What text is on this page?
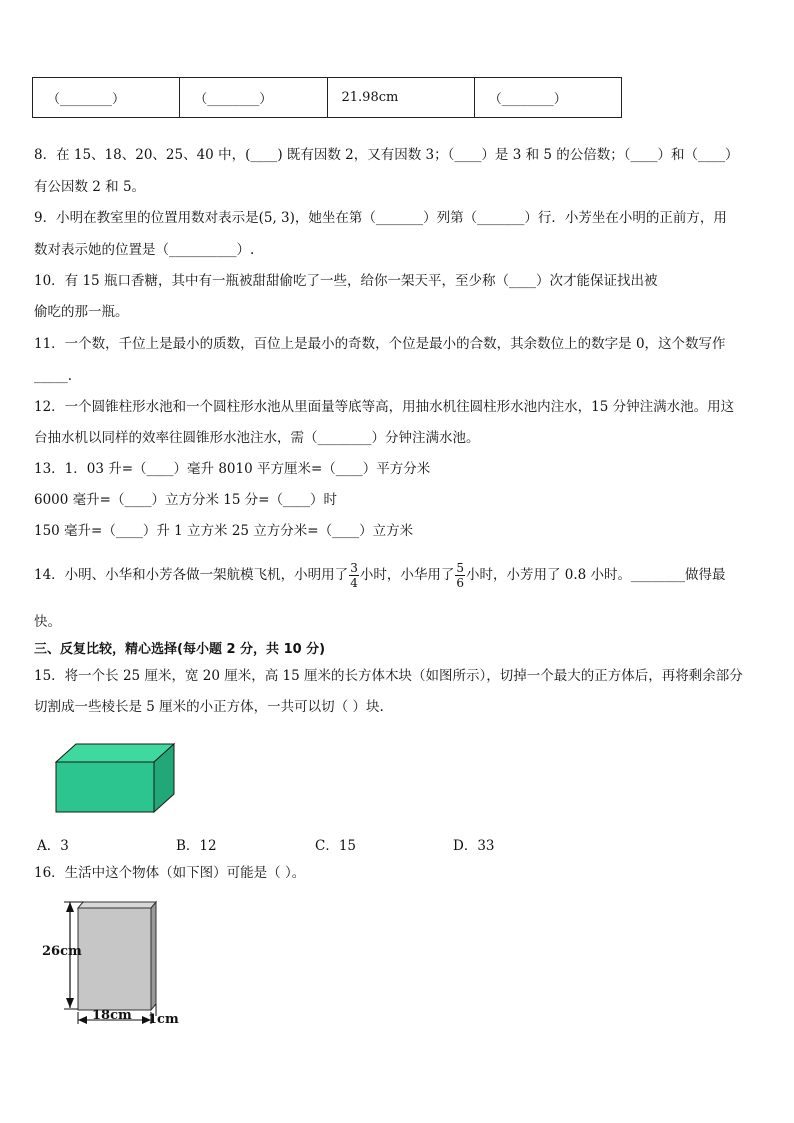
（________）	（________）	21.98cm	（________）
8．在 15、18、20、25、40 中，(____) 既有因数 2，又有因数 3；（____）是 3 和 5 的公倍数；（____）和（____）
有公因数 2 和 5。
9．小明在教室里的位置用数对表示是(5, 3)，她坐在第（_______）列第（_______）行．小芳坐在小明的正前方，用
数对表示她的位置是（__________）.
10．有 15 瓶口香糖，其中有一瓶被甜甜偷吃了一些，给你一架天平，至少称（____）次才能保证找出被
偷吃的那一瓶。
11．一个数，千位上是最小的质数，百位上是最小的奇数，个位是最小的合数，其余数位上的数字是 0，这个数写作
_____.
12．一个圆锥柱形水池和一个圆柱形水池从里面量等底等高，用抽水机往圆柱形水池内注水，15 分钟注满水池。用这
台抽水机以同样的效率往圆锥形水池注水，需（________）分钟注满水池。
13．1．03 升=（____）毫升 8010 平方厘米=（____）平方分米
6000 毫升=（____）立方分米 15 分=（____）时
150 毫升=（____）升 1 立方米 25 立方分米=（____）立方米
14．小明、小华和小芳各做一架航模飞机，小明用了 $\frac{3}{4}$ 小时，小华用了 $\frac{5}{6}$ 小时，小芳用了 0.8 小时。________做得最
快。
三、反复比较，精心选择(每小题 2 分，共 10 分)
15．将一个长 25 厘米，宽 20 厘米，高 15 厘米的长方体木块（如图所示），切掉一个最大的正方体后，再将剩余部分
切割成一些棱长是 5 厘米的小正方体，一共可以切（ ）块.
A．3	B．12	C．15	D．33
16．生活中这个物体（如下图）可能是（ ）。
26cm
18cm 1cm
